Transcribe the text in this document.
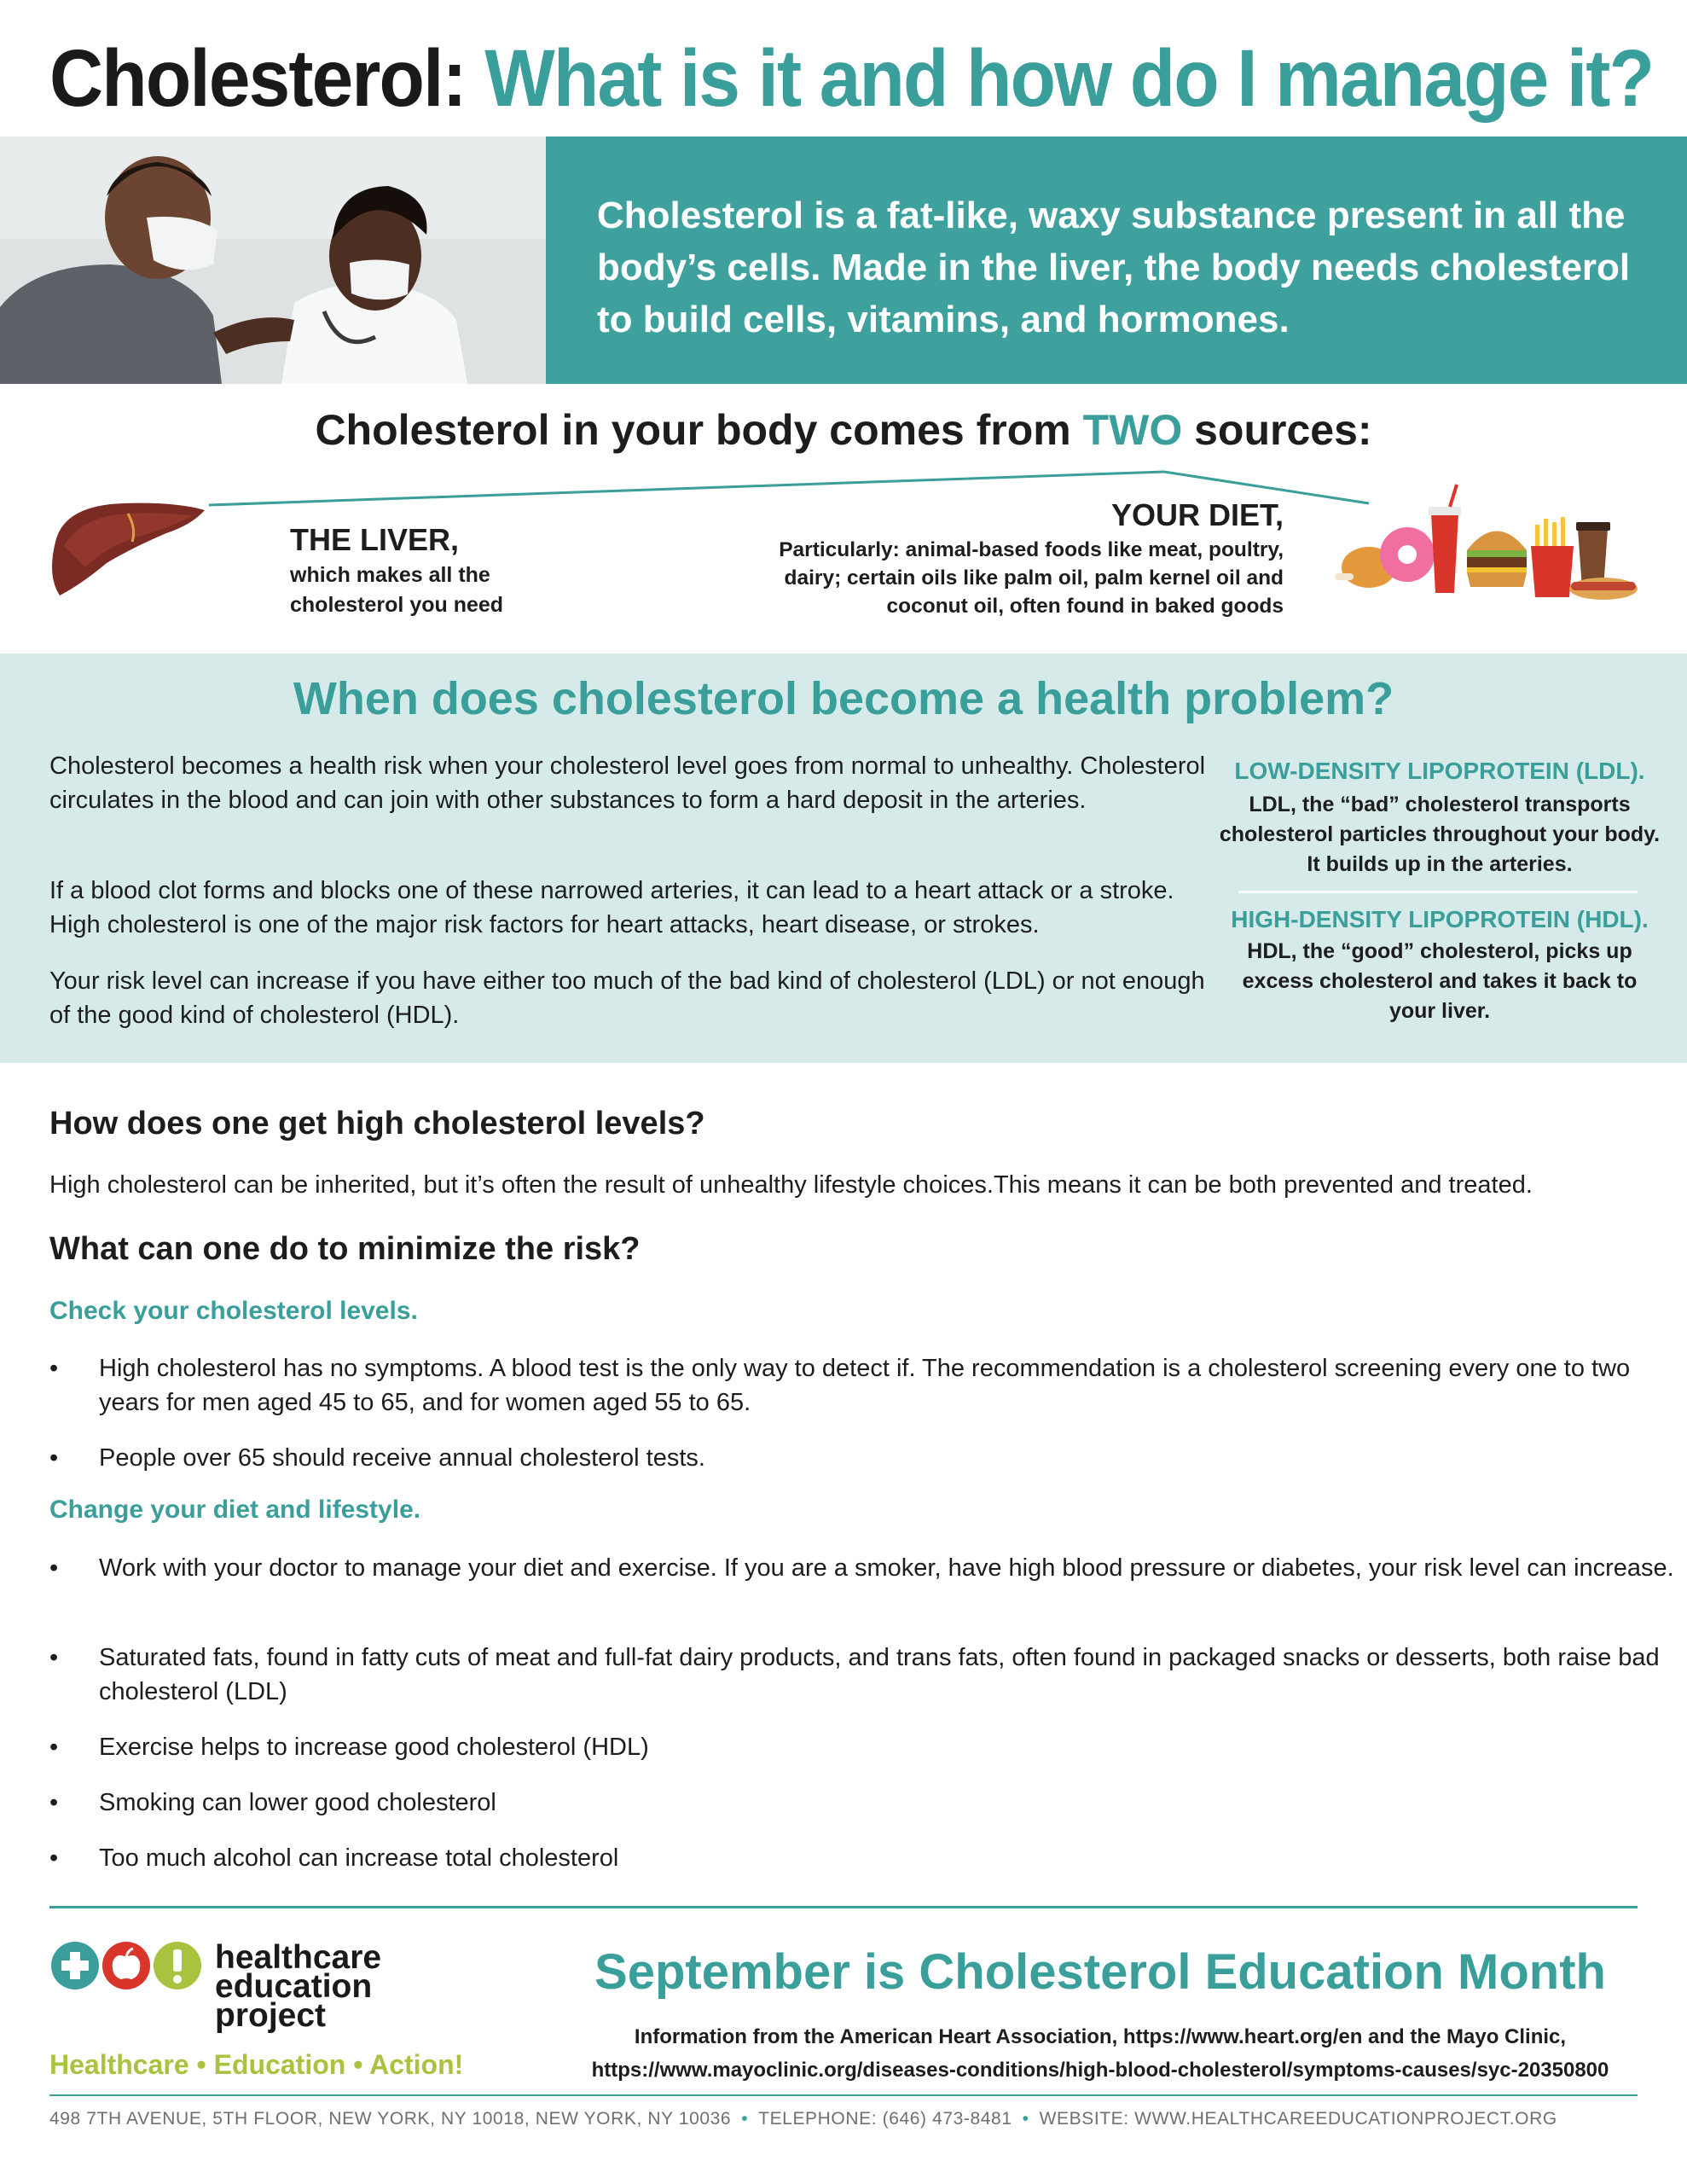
Cholesterol: What is it and how do I manage it?
Cholesterol is a fat-like, waxy substance present in all the body’s cells. Made in the liver, the body needs cholesterol to build cells, vitamins, and hormones.
Cholesterol in your body comes from TWO sources:
THE LIVER,
which makes all the cholesterol you need
YOUR DIET,
Particularly: animal-based foods like meat, poultry, dairy; certain oils like palm oil, palm kernel oil and coconut oil, often found in baked goods
When does cholesterol become a health problem?
Cholesterol becomes a health risk when your cholesterol level goes from normal to unhealthy. Cholesterol circulates in the blood and can join with other substances to form a hard deposit in the arteries.
If a blood clot forms and blocks one of these narrowed arteries, it can lead to a heart attack or a stroke. High cholesterol is one of the major risk factors for heart attacks, heart disease, or strokes.
Your risk level can increase if you have either too much of the bad kind of cholesterol (LDL) or not enough of the good kind of cholesterol (HDL).
LOW-DENSITY LIPOPROTEIN (LDL).
LDL, the “bad” cholesterol transports cholesterol particles throughout your body. It builds up in the arteries.
HIGH-DENSITY LIPOPROTEIN (HDL).
HDL, the “good” cholesterol, picks up excess cholesterol and takes it back to your liver.
How does one get high cholesterol levels?
High cholesterol can be inherited, but it’s often the result of unhealthy lifestyle choices.This means it can be both prevented and treated.
What can one do to minimize the risk?
Check your cholesterol levels.
•	High cholesterol has no symptoms. A blood test is the only way to detect if. The recommendation is a cholesterol screening every one to two years for men aged 45 to 65, and for women aged 55 to 65.
•	People over 65 should receive annual cholesterol tests.
Change your diet and lifestyle.
•	Work with your doctor to manage your diet and exercise. If you are a smoker, have high blood pressure or diabetes, your risk level can increase.
•	Saturated fats, found in fatty cuts of meat and full-fat dairy products, and trans fats, often found in packaged snacks or desserts, both raise bad cholesterol (LDL)
•	Exercise helps to increase good cholesterol (HDL)
•	Smoking can lower good cholesterol
•	Too much alcohol can increase total cholesterol
healthcare
education
project
Healthcare • Education • Action!
September is Cholesterol Education Month
Information from the American Heart Association, https://www.heart.org/en and the Mayo Clinic,
https://www.mayoclinic.org/diseases-conditions/high-blood-cholesterol/symptoms-causes/syc-20350800
498 7TH AVENUE, 5TH FLOOR, NEW YORK, NY 10018, NEW YORK, NY 10036 • TELEPHONE: (646) 473-8481 • WEBSITE: WWW.HEALTHCAREEDUCATIONPROJECT.ORG
